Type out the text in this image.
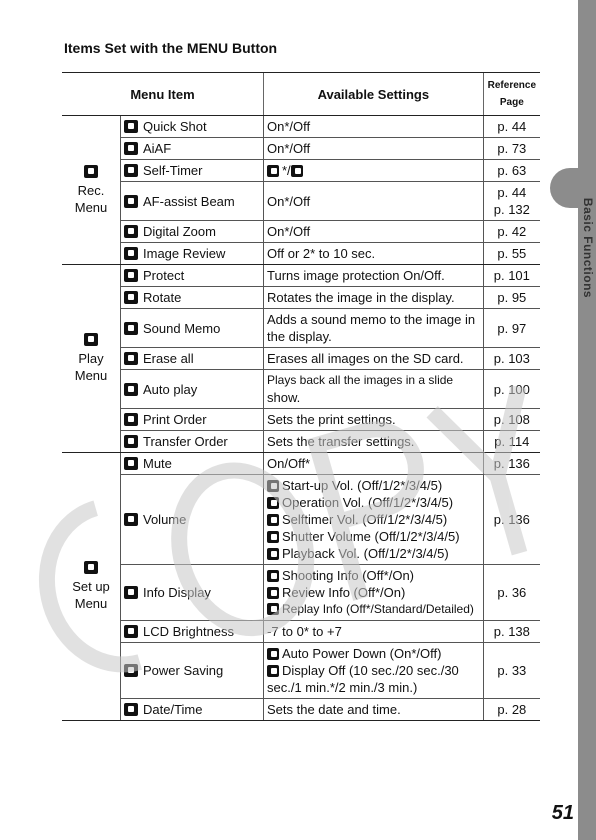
Basic Functions
Items Set with the MENU Button
Menu Item		Available Settings	Reference
Page

Rec.
Menu	Quick Shot	On*/Off	p. 44

	AiAF	On*/Off	p. 73

	Self-Timer	*/	p. 63

	AF-assist Beam	On*/Off	p. 44
p. 132

	Digital Zoom	On*/Off	p. 42

	Image Review	Off or 2* to 10 sec.	p. 55

Play
Menu	Protect	Turns image protection On/Off.	p. 101

	Rotate	Rotates the image in the display.	p. 95

	Sound Memo	Adds a sound memo to the image in
the display.	p. 97

	Erase all	Erases all images on the SD card.	p. 103

	Auto play	Plays back all the images in a slide
show.	p. 100

	Print Order	Sets the print settings.	p. 108

	Transfer Order	Sets the transfer settings.	p. 114

Set up
Menu	Mute	On/Off*	p. 136

	Volume	Start-up Vol. (Off/1/2*/3/4/5)
Operation Vol. (Off/1/2*/3/4/5)
Selftimer Vol. (Off/1/2*/3/4/5)
Shutter Volume (Off/1/2*/3/4/5)
Playback Vol. (Off/1/2*/3/4/5)	p. 136

	Info Display	Shooting Info (Off*/On)
Review Info (Off*/On)
Replay Info (Off*/Standard/Detailed)	p. 36

	LCD Brightness	-7 to 0* to +7	p. 138

	Power Saving	Auto Power Down (On*/Off)
Display Off (10 sec./20 sec./30
sec./1 min.*/2 min./3 min.)	p. 33

	Date/Time	Sets the date and time.	p. 28
51
